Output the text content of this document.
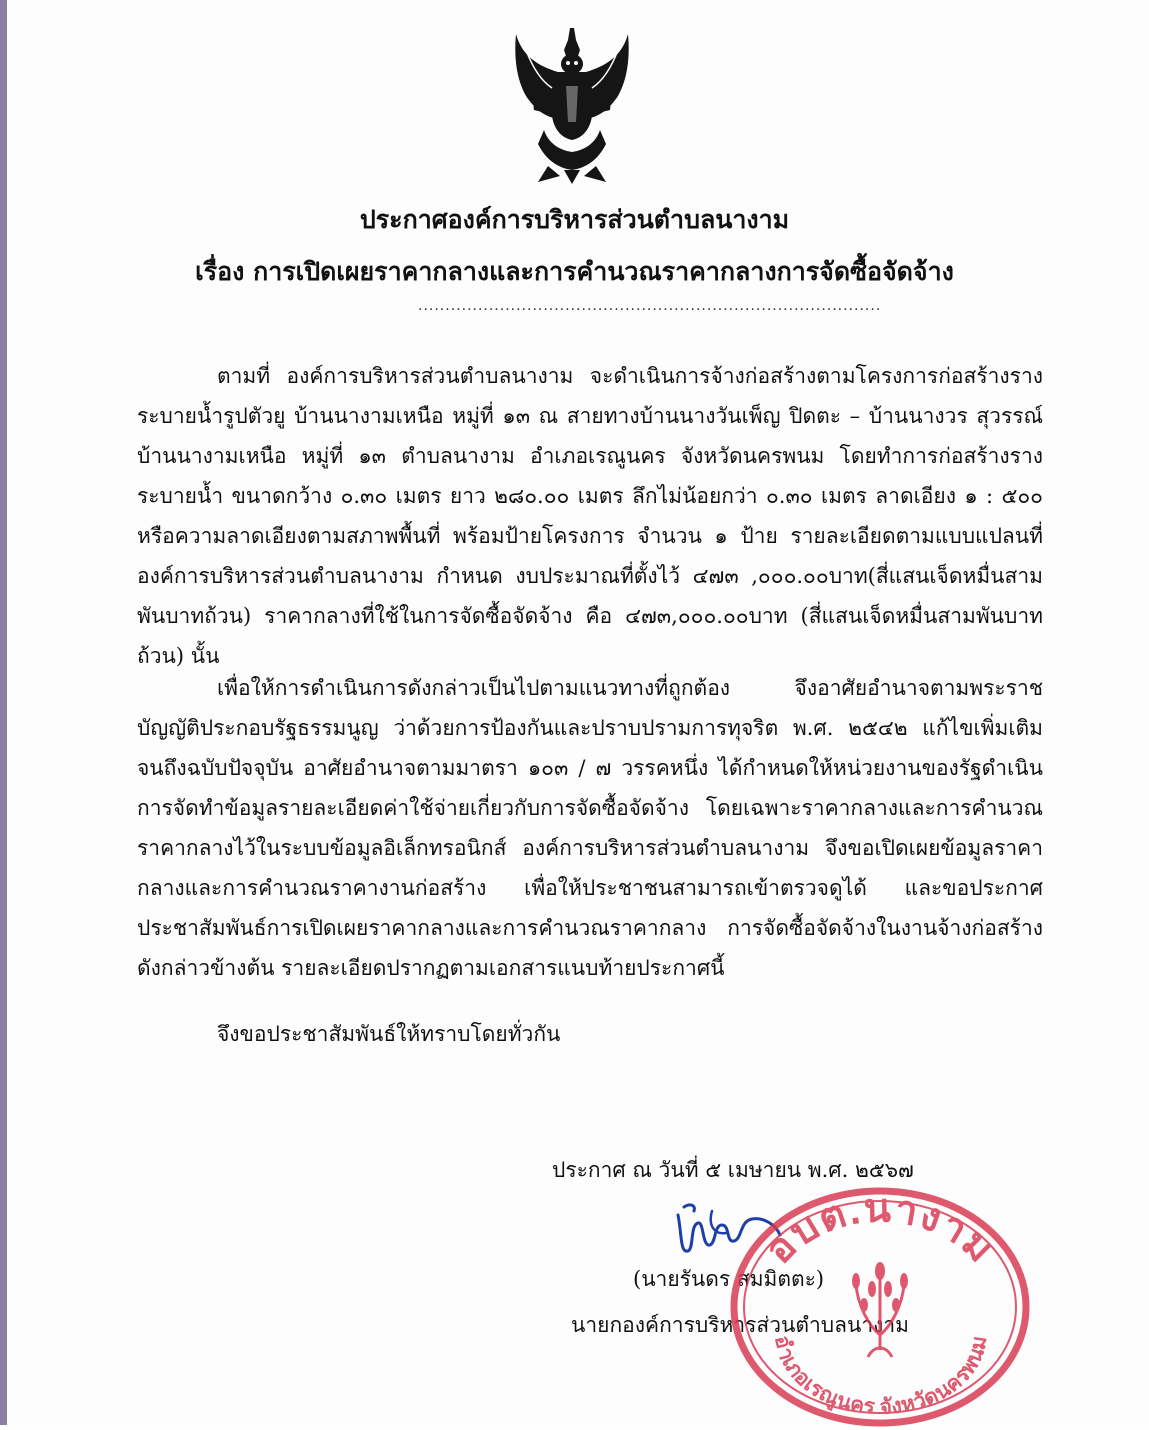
ประกาศองค์การบริหารส่วนตำบลนางาม
เรื่อง การเปิดเผยราคากลางและการคำนวณราคากลางการจัดซื้อจัดจ้าง
.....................................................................................

ตามที่ องค์การบริหารส่วนตำบลนางาม จะดำเนินการจ้างก่อสร้างตามโครงการก่อสร้างรางระบายน้ำรูปตัวยู บ้านนางามเหนือ หมู่ที่ ๑๓ ณ สายทางบ้านนางวันเพ็ญ ปิดตะ – บ้านนางวร สุวรรณ์ บ้านนางามเหนือ หมู่ที่ ๑๓ ตำบลนางาม อำเภอเรณูนคร จังหวัดนครพนม โดยทำการก่อสร้างรางระบายน้ำ ขนาดกว้าง ๐.๓๐ เมตร ยาว ๒๘๐.๐๐ เมตร ลึกไม่น้อยกว่า ๐.๓๐ เมตร ลาดเอียง ๑ : ๕๐๐ หรือความลาดเอียงตามสภาพพื้นที่ พร้อมป้ายโครงการ จำนวน ๑ ป้าย รายละเอียดตามแบบแปลนที่องค์การบริหารส่วนตำบลนางาม กำหนด งบประมาณที่ตั้งไว้ ๔๗๓ ,๐๐๐.๐๐บาท(สี่แสนเจ็ดหมื่นสามพันบาทถ้วน) ราคากลางที่ใช้ในการจัดซื้อจัดจ้าง คือ ๔๗๓,๐๐๐.๐๐บาท (สี่แสนเจ็ดหมื่นสามพันบาทถ้วน) นั้น

เพื่อให้การดำเนินการดังกล่าวเป็นไปตามแนวทางที่ถูกต้อง จึงอาศัยอำนาจตามพระราชบัญญัติประกอบรัฐธรรมนูญ ว่าด้วยการป้องกันและปราบปรามการทุจริต พ.ศ. ๒๕๔๒ แก้ไขเพิ่มเติมจนถึงฉบับปัจจุบัน อาศัยอำนาจตามมาตรา ๑๐๓ / ๗ วรรคหนึ่ง ได้กำหนดให้หน่วยงานของรัฐดำเนินการจัดทำข้อมูลรายละเอียดค่าใช้จ่ายเกี่ยวกับการจัดซื้อจัดจ้าง โดยเฉพาะราคากลางและการคำนวณราคากลางไว้ในระบบข้อมูลอิเล็กทรอนิกส์ องค์การบริหารส่วนตำบลนางาม จึงขอเปิดเผยข้อมูลราคากลางและการคำนวณราคางานก่อสร้าง เพื่อให้ประชาชนสามารถเข้าตรวจดูได้ และขอประกาศประชาสัมพันธ์การเปิดเผยราคากลางและการคำนวณราคากลาง การจัดซื้อจัดจ้างในงานจ้างก่อสร้างดังกล่าวข้างต้น รายละเอียดปรากฏตามเอกสารแนบท้ายประกาศนี้

จึงขอประชาสัมพันธ์ให้ทราบโดยทั่วกัน

ประกาศ ณ วันที่ ๕ เมษายน พ.ศ. ๒๕๖๗
(นายรันดร สมมิตตะ)
นายกองค์การบริหารส่วนตำบลนางาม
อบต.นางาม
อำเภอเรณูนคร จังหวัดนครพนม
